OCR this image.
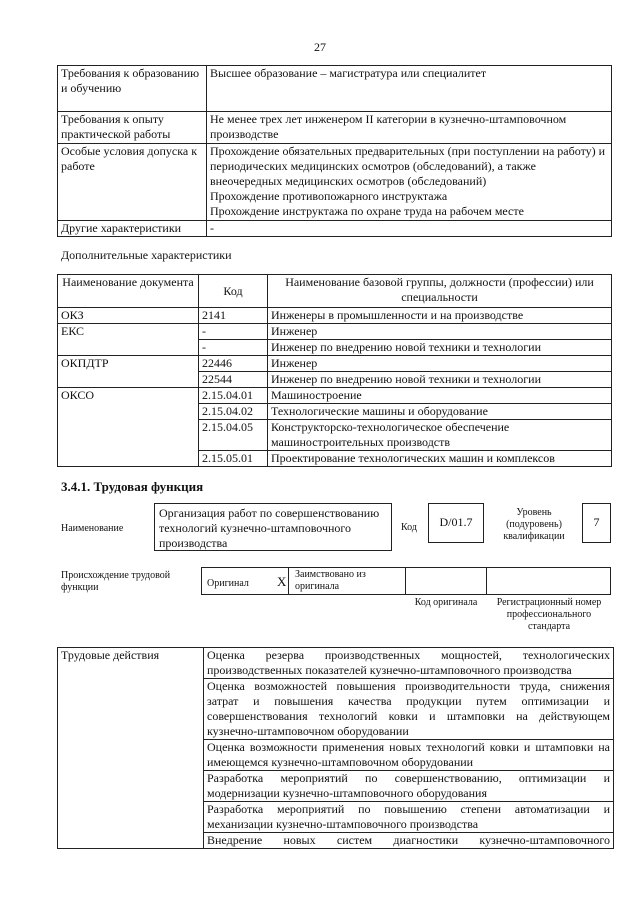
27
Требования к образованию и обучению	Высшее образование – магистратура или специалитет
Требования к опыту практической работы	Не менее трех лет инженером II категории в кузнечно-штамповочном производстве
Особые условия допуска к работе	Прохождение обязательных предварительных (при поступлении на работу) и периодических медицинских осмотров (обследований), а также внеочередных медицинских осмотров (обследований)
Прохождение противопожарного инструктажа
Прохождение инструктажа по охране труда на рабочем месте

Другие характеристики	-
Дополнительные характеристики
Наименование документа	Код	Наименование базовой группы, должности (профессии) или специальности
ОКЗ	2141	Инженеры в промышленности и на производстве
ЕКС	-	Инженер
	-	Инженер по внедрению новой техники и технологии
ОКПДТР	22446	Инженер
	22544	Инженер по внедрению новой техники и технологии
ОКСО	2.15.04.01	Машиностроение
	2.15.04.02	Технологические машины и оборудование
	2.15.04.05	Конструкторско-технологическое обеспечение машиностроительных производств
	2.15.05.01	Проектирование технологических машин и комплексов
3.4.1. Трудовая функция
Наименование
Организация работ по совершенствованию технологий кузнечно-штамповочного производства
Код	D/01.7
Уровень (подуровень) квалификации
7
Происхождение трудовой функции	Оригинал	X Заимствовано из оригинала
Код оригинала	Регистрационный номер профессионального стандарта
Трудовые действия	Оценка резерва производственных мощностей, технологических производственных показателей кузнечно-штамповочного производства
Оценка возможностей повышения производительности труда, снижения затрат и повышения качества продукции путем оптимизации и совершенствования технологий ковки и штамповки на действующем кузнечно-штамповочном оборудовании
Оценка возможности применения новых технологий ковки и штамповки на имеющемся кузнечно-штамповочном оборудовании
Разработка мероприятий по совершенствованию, оптимизации и модернизации кузнечно-штамповочного оборудования
Разработка мероприятий по повышению степени автоматизации и механизации кузнечно-штамповочного производства
Внедрение новых систем диагностики кузнечно-штамповочного
